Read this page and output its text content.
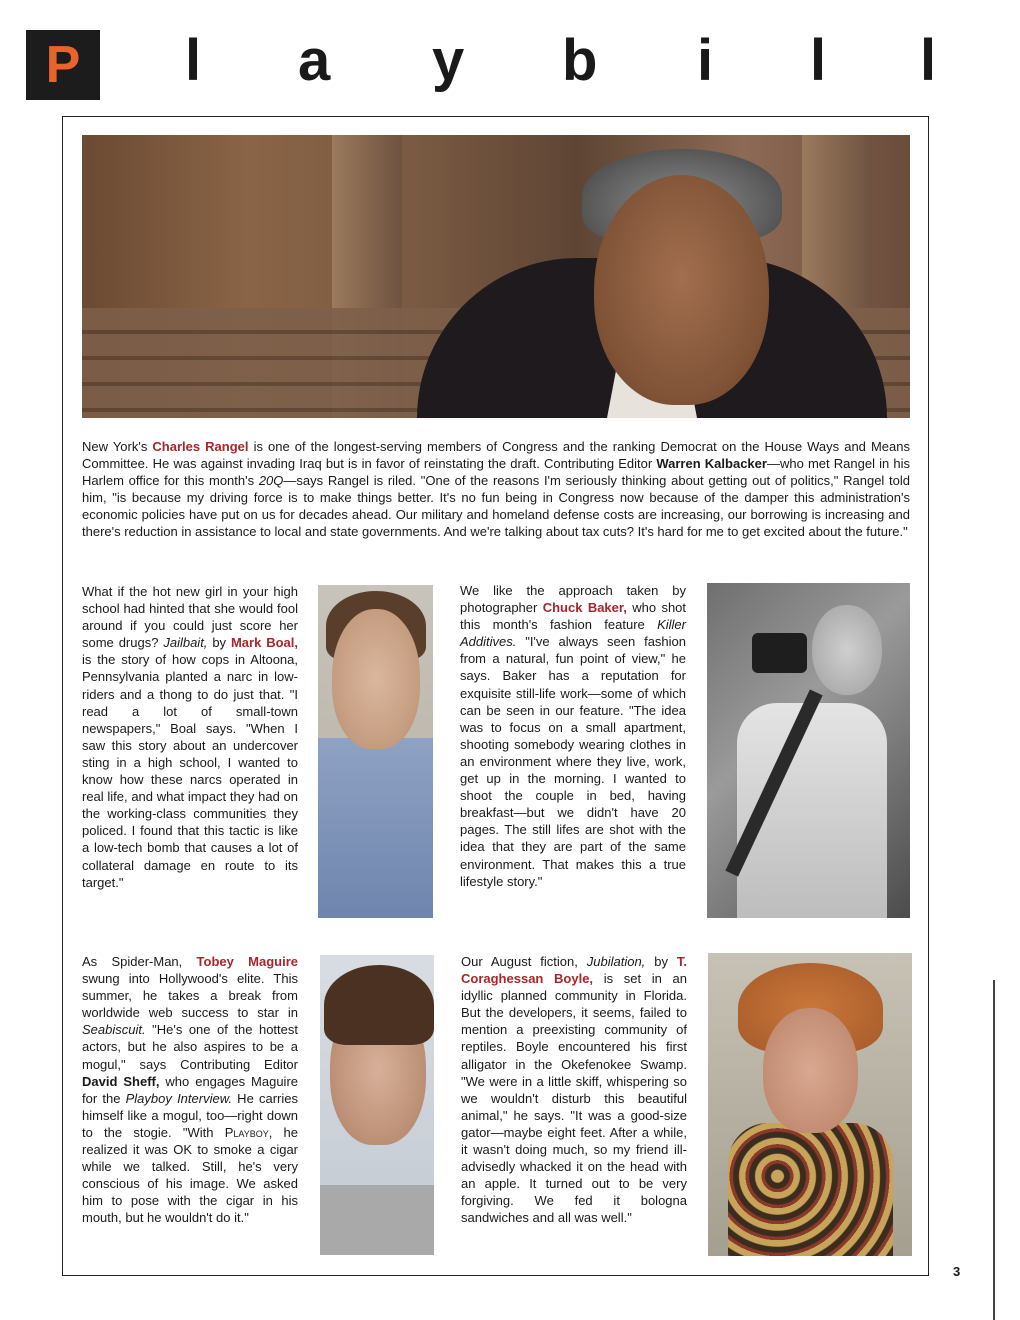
P l a y b i l l
New York's Charles Rangel is one of the longest-serving members of Congress and the ranking Democrat on the House Ways and Means Committee. He was against invading Iraq but is in favor of reinstating the draft. Contributing Editor Warren Kalbacker—who met Rangel in his Harlem office for this month's 20Q—says Rangel is riled. "One of the reasons I'm seriously thinking about getting out of politics," Rangel told him, "is because my driving force is to make things better. It's no fun being in Congress now because of the damper this administration's economic policies have put on us for decades ahead. Our military and homeland defense costs are increasing, our borrowing is increasing and there's reduction in assistance to local and state governments. And we're talking about tax cuts? It's hard for me to get excited about the future."
What if the hot new girl in your high school had hinted that she would fool around if you could just score her some drugs? Jailbait, by Mark Boal, is the story of how cops in Altoona, Pennsylvania planted a narc in low-riders and a thong to do just that. "I read a lot of small-town newspapers," Boal says. "When I saw this story about an undercover sting in a high school, I wanted to know how these narcs operated in real life, and what impact they had on the working-class communities they policed. I found that this tactic is like a low-tech bomb that causes a lot of collateral damage en route to its target."
We like the approach taken by photographer Chuck Baker, who shot this month's fashion feature Killer Additives. "I've always seen fashion from a natural, fun point of view," he says. Baker has a reputation for exquisite still-life work—some of which can be seen in our feature. "The idea was to focus on a small apartment, shooting somebody wearing clothes in an environment where they live, work, get up in the morning. I wanted to shoot the couple in bed, having breakfast—but we didn't have 20 pages. The still lifes are shot with the idea that they are part of the same environment. That makes this a true lifestyle story."
As Spider-Man, Tobey Maguire swung into Hollywood's elite. This summer, he takes a break from worldwide web success to star in Seabiscuit. "He's one of the hottest actors, but he also aspires to be a mogul," says Contributing Editor David Sheff, who engages Maguire for the Playboy Interview. He carries himself like a mogul, too—right down to the stogie. "With Playboy, he realized it was OK to smoke a cigar while we talked. Still, he's very conscious of his image. We asked him to pose with the cigar in his mouth, but he wouldn't do it."
Our August fiction, Jubilation, by T. Coraghessan Boyle, is set in an idyllic planned community in Florida. But the developers, it seems, failed to mention a preexisting community of reptiles. Boyle encountered his first alligator in the Okefenokee Swamp. "We were in a little skiff, whispering so we wouldn't disturb this beautiful animal," he says. "It was a good-size gator—maybe eight feet. After a while, it wasn't doing much, so my friend ill-advisedly whacked it on the head with an apple. It turned out to be very forgiving. We fed it bologna sandwiches and all was well."
3
